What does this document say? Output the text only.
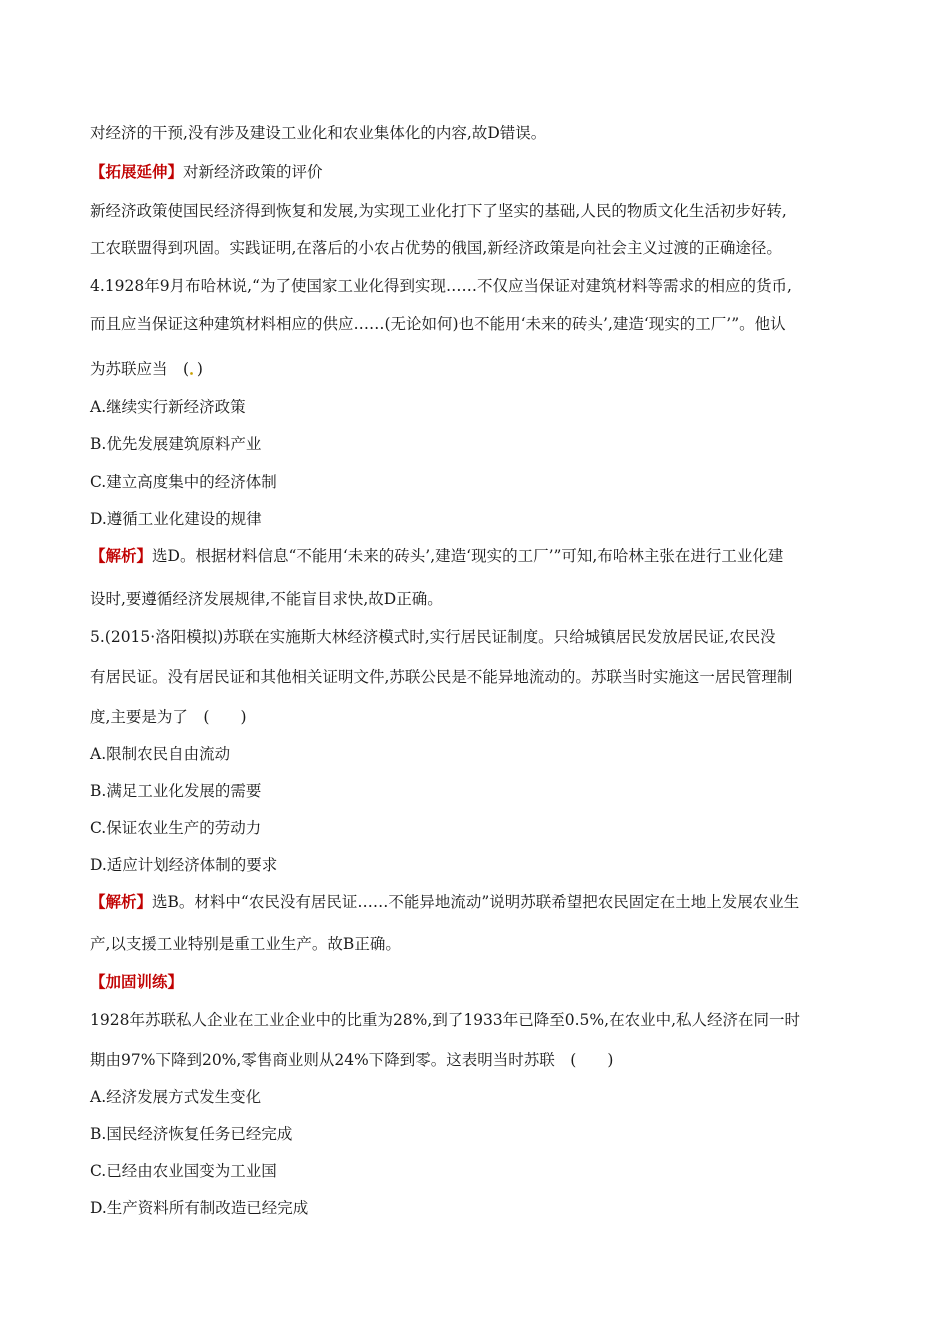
对经济的干预,没有涉及建设工业化和农业集体化的内容,故D错误。
【拓展延伸】对新经济政策的评价
新经济政策使国民经济得到恢复和发展,为实现工业化打下了坚实的基础,人民的物质文化生活初步好转,
工农联盟得到巩固。实践证明,在落后的小农占优势的俄国,新经济政策是向社会主义过渡的正确途径。
4.1928年9月布哈林说,“为了使国家工业化得到实现……不仅应当保证对建筑材料等需求的相应的货币,
而且应当保证这种建筑材料相应的供应……(无论如何)也不能用‘未来的砖头’,建造‘现实的工厂’”。他认
为苏联应当　(．)
A.继续实行新经济政策
B.优先发展建筑原料产业
C.建立高度集中的经济体制
D.遵循工业化建设的规律
【解析】选D。根据材料信息“不能用‘未来的砖头’,建造‘现实的工厂’”可知,布哈林主张在进行工业化建
设时,要遵循经济发展规律,不能盲目求快,故D正确。
5.(2015·洛阳模拟)苏联在实施斯大林经济模式时,实行居民证制度。只给城镇居民发放居民证,农民没
有居民证。没有居民证和其他相关证明文件,苏联公民是不能异地流动的。苏联当时实施这一居民管理制
度,主要是为了　(　　)
A.限制农民自由流动
B.满足工业化发展的需要
C.保证农业生产的劳动力
D.适应计划经济体制的要求
【解析】选B。材料中“农民没有居民证……不能异地流动”说明苏联希望把农民固定在土地上发展农业生
产,以支援工业特别是重工业生产。故B正确。
【加固训练】
1928年苏联私人企业在工业企业中的比重为28%,到了1933年已降至0.5%,在农业中,私人经济在同一时
期由97%下降到20%,零售商业则从24%下降到零。这表明当时苏联　(　　)
A.经济发展方式发生变化
B.国民经济恢复任务已经完成
C.已经由农业国变为工业国
D.生产资料所有制改造已经完成
